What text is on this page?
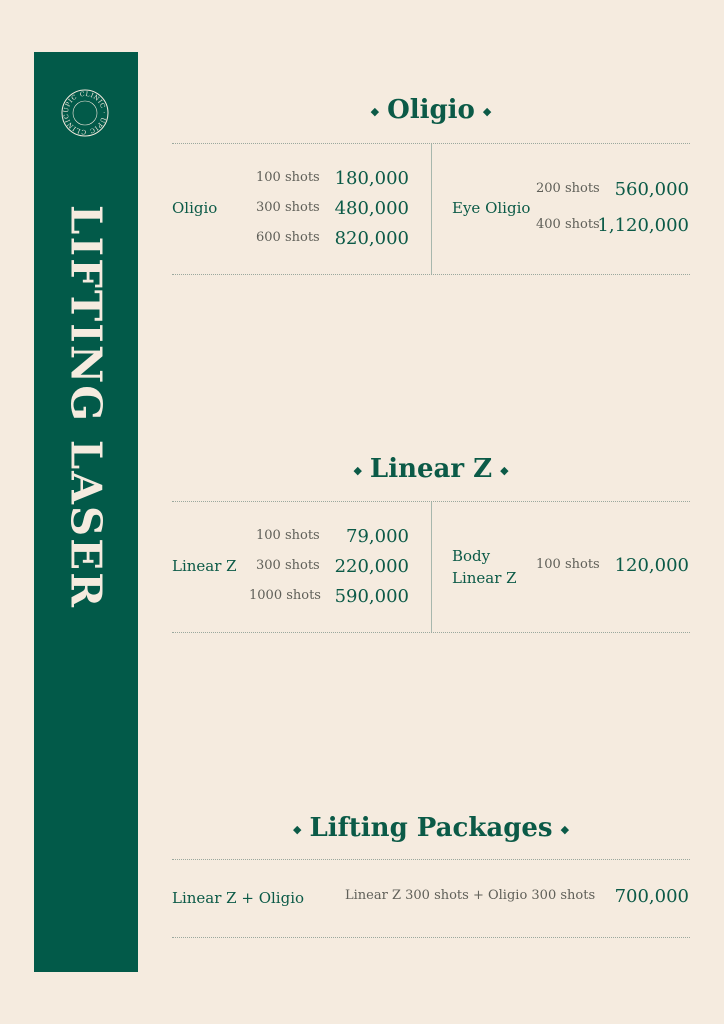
UPIC CLINIC · UPIC CLINIC
LIFTING LASER
◆ Oligio ◆
Oligio
100 shots 180,000
300 shots 480,000
600 shots 820,000
Eye Oligio
200 shots 560,000
400 shots
1,120,000
◆ Linear Z ◆
Linear Z
100 shots 79,000
300 shots 220,000
1000 shots 590,000
Body
Linear Z
100 shots 120,000
◆ Lifting Packages ◆
Linear Z + Oligio	Linear Z 300 shots + Oligio 300 shots 700,000
